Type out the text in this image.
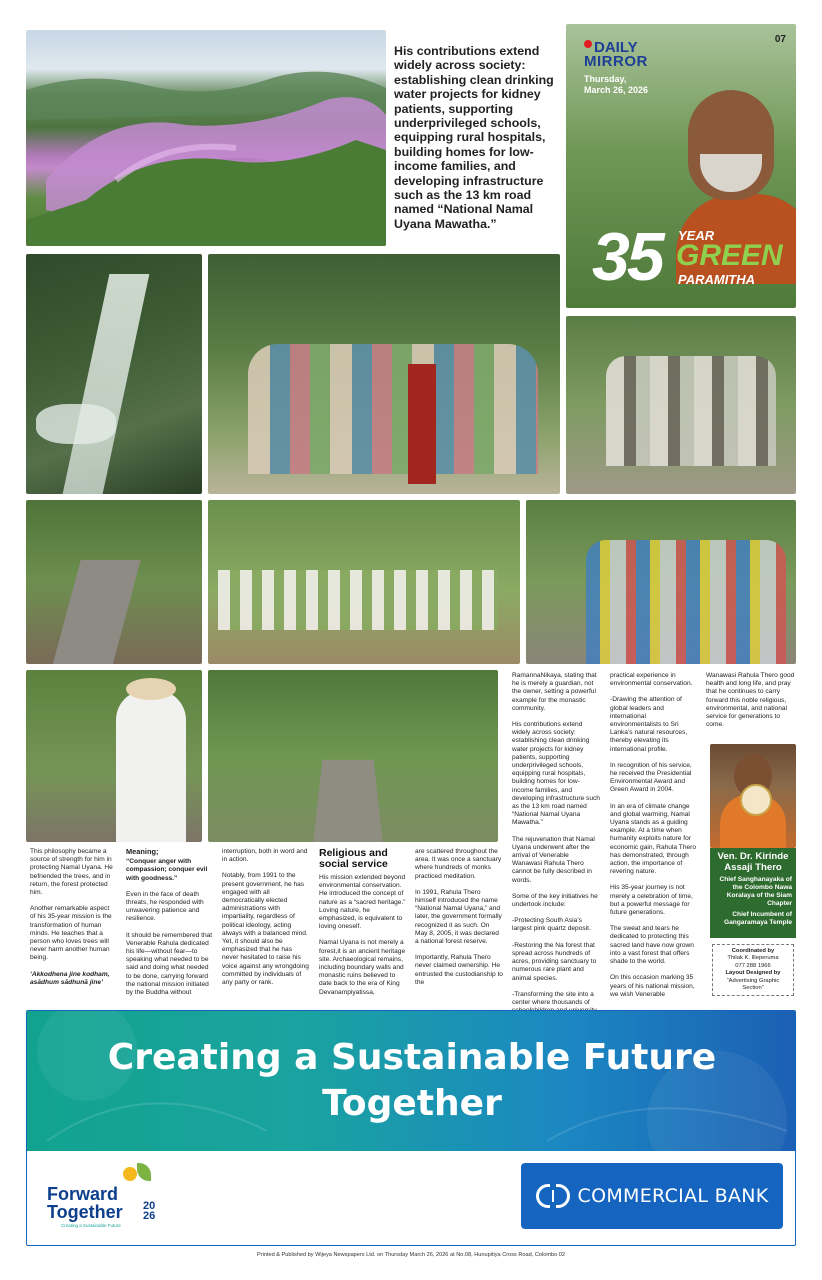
His contributions extend widely across society: establishing clean drinking water projects for kidney patients, supporting underprivileged schools, equipping rural hospitals, building homes for low-income families, and developing infrastructure such as the 13 km road named “National Namal Uyana Mawatha.”
07
DAILY
MIRROR
Thursday,
March 26, 2026
35 YEAR
GREEN
PARAMITHA

This philosophy became a source of strength for him in protecting Namal Uyana. He befriended the trees, and in return, the forest protected him.

Another remarkable aspect of his 35-year mission is the transformation of human minds. He teaches that a person who loves trees will never harm another human being.

‘Akkodhena jine kodham, asādhum sādhunā jine’

Meaning;

“Conquer anger with compassion; conquer evil with goodness.”

Even in the face of death threats, he responded with unwavering patience and resilience.

It should be remembered that Venerable Rahula dedicated his life—without fear—to speaking what needed to be said and doing what needed to be done, carrying forward the national mission initiated by the Buddha without

interruption, both in word and in action.

Notably, from 1991 to the present government, he has engaged with all democratically elected administrations with impartiality, regardless of political ideology, acting always with a balanced mind. Yet, it should also be emphasized that he has never hesitated to raise his voice against any wrongdoing committed by individuals of any party or rank.

Religious and social service

His mission extended beyond environmental conservation. He introduced the concept of nature as a “sacred heritage.” Loving nature, he emphasized, is equivalent to loving oneself.

Namal Uyana is not merely a forest,it is an ancient heritage site. Archaeological remains, including boundary walls and monastic ruins believed to date back to the era of King Devanampiyatissa,

are scattered throughout the area. It was once a sanctuary where hundreds of monks practiced meditation.

In 1991, Rahula Thero himself introduced the name “National Namal Uyana,” and later, the government formally recognized it as such. On May 8, 2005, it was declared a national forest reserve.

Importantly, Rahula Thero never claimed ownership. He entrusted the custodianship to the

RamannaNikaya, stating that he is merely a guardian, not the owner, setting a powerful example for the monastic community.

His contributions extend widely across society: establishing clean drinking water projects for kidney patients, supporting underprivileged schools, equipping rural hospitals, building homes for low-income families, and developing infrastructure such as the 13 km road named “National Namal Uyana Mawatha.”

The rejuvenation that Namal Uyana underwent after the arrival of Venerable Wanawasi Rahula Thero cannot be fully described in words.

Some of the key initiatives he undertook include:

-Protecting South Asia’s largest pink quartz deposit.

-Restoring the Na forest that spread across hundreds of acres, providing sanctuary to numerous rare plant and animal species.

-Transforming the site into a center where thousands of

practical experience in environmental conservation.

-Drawing the attention of global leaders and international environmentalists to Sri Lanka’s natural resources, thereby elevating its international profile.

In recognition of his service, he received the Presidential Environmental Award and Green Award in 2004.

In an era of climate change and global warming, Namal Uyana stands as a guiding example. At a time when humanity exploits nature for economic gain, Rahula Thero has demonstrated, through action, the importance of revering nature.

His 35-year journey is not merely a celebration of time, but a powerful message for future generations.

The sweat and tears he dedicated to protecting this sacred land have now grown into a vast forest that offers shade to the world.

On this occasion marking 35 years of his national mission, we wish Venerable

Wanawasi Rahula Thero good health and long life, and pray that he continues to carry forward this noble religious, environmental, and national service for generations to come.

Ven. Dr. Kirinde Assaji Thero
Chief Sanghanayaka of the Colombo Nawa Koralaya of the Siam Chapter
Chief Incumbent of Gangaramaya Temple
Coordinated by
Thilak K. Illeperuma
077 288 1966
Layout Designed by
“Advertising Graphic Section”
Creating a Sustainable Future
Together
Forward
Together 20
26
Creating a Sustainable Future
COMMERCIAL BANK
Printed & Published by Wijeya Newspapers Ltd. on Thursday March 26, 2026 at No.08, Hunupitiya Cross Road, Colombo 02
